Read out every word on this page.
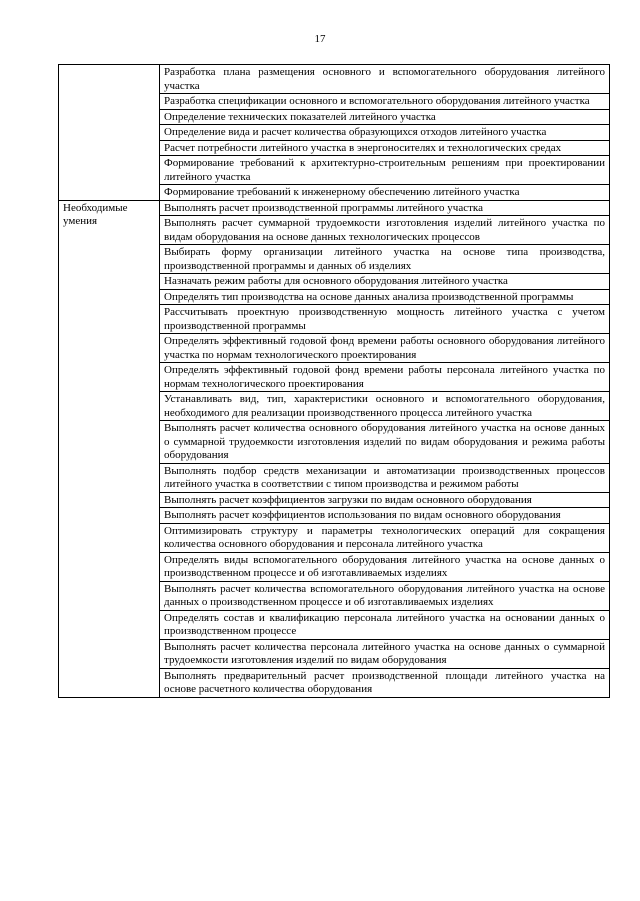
17
	Разработка плана размещения основного и вспомогательного оборудования литейного участка
	Разработка спецификации основного и вспомогательного оборудования литейного участка
	Определение технических показателей литейного участка
	Определение вида и расчет количества образующихся отходов литейного участка
	Расчет потребности литейного участка в энергоносителях и технологических средах
	Формирование требований к архитектурно-строительным решениям при проектировании литейного участка
	Формирование требований к инженерному обеспечению литейного участка
Необходимые умения	Выполнять расчет производственной программы литейного участка
	Выполнять расчет суммарной трудоемкости изготовления изделий литейного участка по видам оборудования на основе данных технологических процессов
	Выбирать форму организации литейного участка на основе типа производства, производственной программы и данных об изделиях
	Назначать режим работы для основного оборудования литейного участка
	Определять тип производства на основе данных анализа производственной программы
	Рассчитывать проектную производственную мощность литейного участка с учетом производственной программы
	Определять эффективный годовой фонд времени работы основного оборудования литейного участка по нормам технологического проектирования
	Определять эффективный годовой фонд времени работы персонала литейного участка по нормам технологического проектирования
	Устанавливать вид, тип, характеристики основного и вспомогательного оборудования, необходимого для реализации производственного процесса литейного участка
	Выполнять расчет количества основного оборудования литейного участка на основе данных о суммарной трудоемкости изготовления изделий по видам оборудования и режима работы оборудования
	Выполнять подбор средств механизации и автоматизации производственных процессов литейного участка в соответствии с типом производства и режимом работы
	Выполнять расчет коэффициентов загрузки по видам основного оборудования
	Выполнять расчет коэффициентов использования по видам основного оборудования
	Оптимизировать структуру и параметры технологических операций для сокращения количества основного оборудования и персонала литейного участка
	Определять виды вспомогательного оборудования литейного участка на основе данных о производственном процессе и об изготавливаемых изделиях
	Выполнять расчет количества вспомогательного оборудования литейного участка на основе данных о производственном процессе и об изготавливаемых изделиях
	Определять состав и квалификацию персонала литейного участка на основании данных о производственном процессе
	Выполнять расчет количества персонала литейного участка на основе данных о суммарной трудоемкости изготовления изделий по видам оборудования
	Выполнять предварительный расчет производственной площади литейного участка на основе расчетного количества оборудования
